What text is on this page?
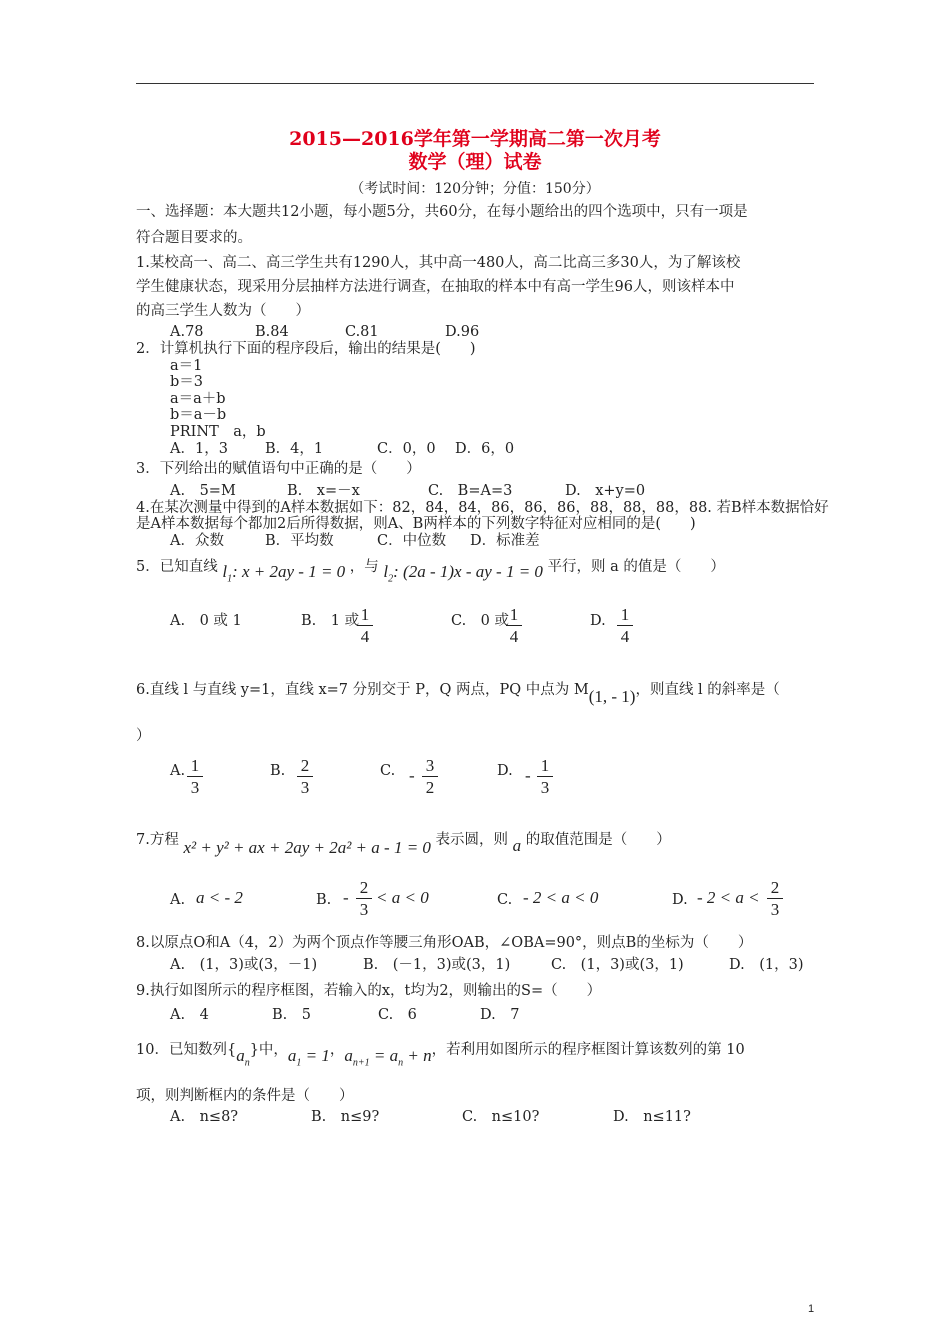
2015—2016学年第一学期高二第一次月考
数学（理）试卷
（考试时间：120分钟；分值：150分）
一、选择题：本大题共12小题，每小题5分，共60分，在每小题给出的四个选项中，只有一项是
符合题目要求的。
1.某校高一、高二、高三学生共有1290人，其中高一480人，高二比高三多30人，为了解该校
学生健康状态，现采用分层抽样方法进行调查，在抽取的样本中有高一学生96人，则该样本中
的高三学生人数为（　　）
A.78	B.84	C.81	D.96
2．计算机执行下面的程序段后，输出的结果是(　　)
a＝1
b＝3
a＝a＋b
b＝a－b
PRINT　a，b
A．1，3	B．4，1	C．0，0 D．6，0
3．下列给出的赋值语句中正确的是（　　）
A.　5=M	B.　x=－x	C.　B=A=3	D.　x+y=0
4.在某次测量中得到的A样本数据如下：82，84，84，86，86，86，88，88，88，88. 若B样本数据恰好
是A样本数据每个都加2后所得数据，则A、B两样本的下列数字特征对应相同的是(　　)
A．众数	B．平均数	C．中位数 D．标准差
5．已知直线 $l_1$: x + 2ay - 1 = 0 ，与 $l_2$: (2a - 1)x - ay - 1 = 0 平行，则 a 的值是（　　）
A.　0 或 1	B.　1 或 1
4
C.　0 或 1
4
D. 1
4
6.直线 l 与直线 y=1，直线 x=7 分别交于 P，Q 两点，PQ 中点为 M(1, - 1)，则直线 l 的斜率是（
）
A. 1
3
B. 2
3
C. -
3
2
D. -
1
3
7.方程 x² + y² + ax + 2ay + 2a² + a - 1 = 0 表示圆，则 a 的取值范围是（　　）
A. a < - 2	B. -
2
3
< a < 0	C. - 2 < a < 0	D. - 2 < a <
2
3
8.以原点O和A（4，2）为两个顶点作等腰三角形OAB，∠OBA=90°，则点B的坐标为（　　）
A.　(1，3)或(3，－1)	B.　(－1，3)或(3，1)	C.　(1，3)或(3，1)	D.　(1，3)
9.执行如图所示的程序框图，若输入的x，t均为2，则输出的S=（　　）
A.　4	B.　5	C.　6	D.　7
10．已知数列$\{a_n\}$中，$a_1 = 1$，$a_{n+1} = a_n + n$，若利用如图所示的程序框图计算该数列的第 10
项，则判断框内的条件是（　　）
A.　n≤8?	B.　n≤9?	C.　n≤10?	D.　n≤11?
1
